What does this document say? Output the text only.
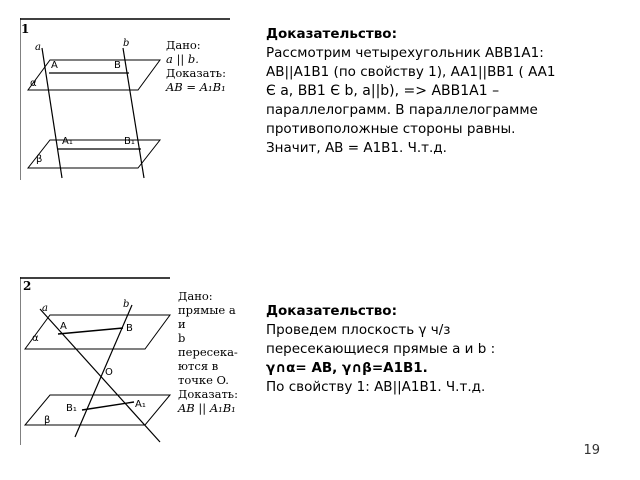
1
a	b
A	B
α
A₁	B₁
β
Дано:
a || b.
Доказать:
AB = A₁B₁
Доказательство:
Рассмотрим четырехугольник ABB1A1:
AB||A1B1 (по свойству 1), AA1||BB1 ( AA1
Є a, BB1 Є b, a||b), => ABB1A1 –
параллелограмм. В параллелограмме
противоположные стороны равны.
Значит, AB = A1B1. Ч.т.д.
2
a	b
A	B
α
O
B₁	A₁
β
Дано:
прямые a и
b пересека-
ются в
точке O.
Доказать:
AB || A₁B₁
Доказательство:
Проведем плоскость γ ч/з
пересекающиеся прямые a и b :
γ∩α= AB, γ∩β=A1B1.
По свойству 1: AB||A1B1. Ч.т.д.
19
